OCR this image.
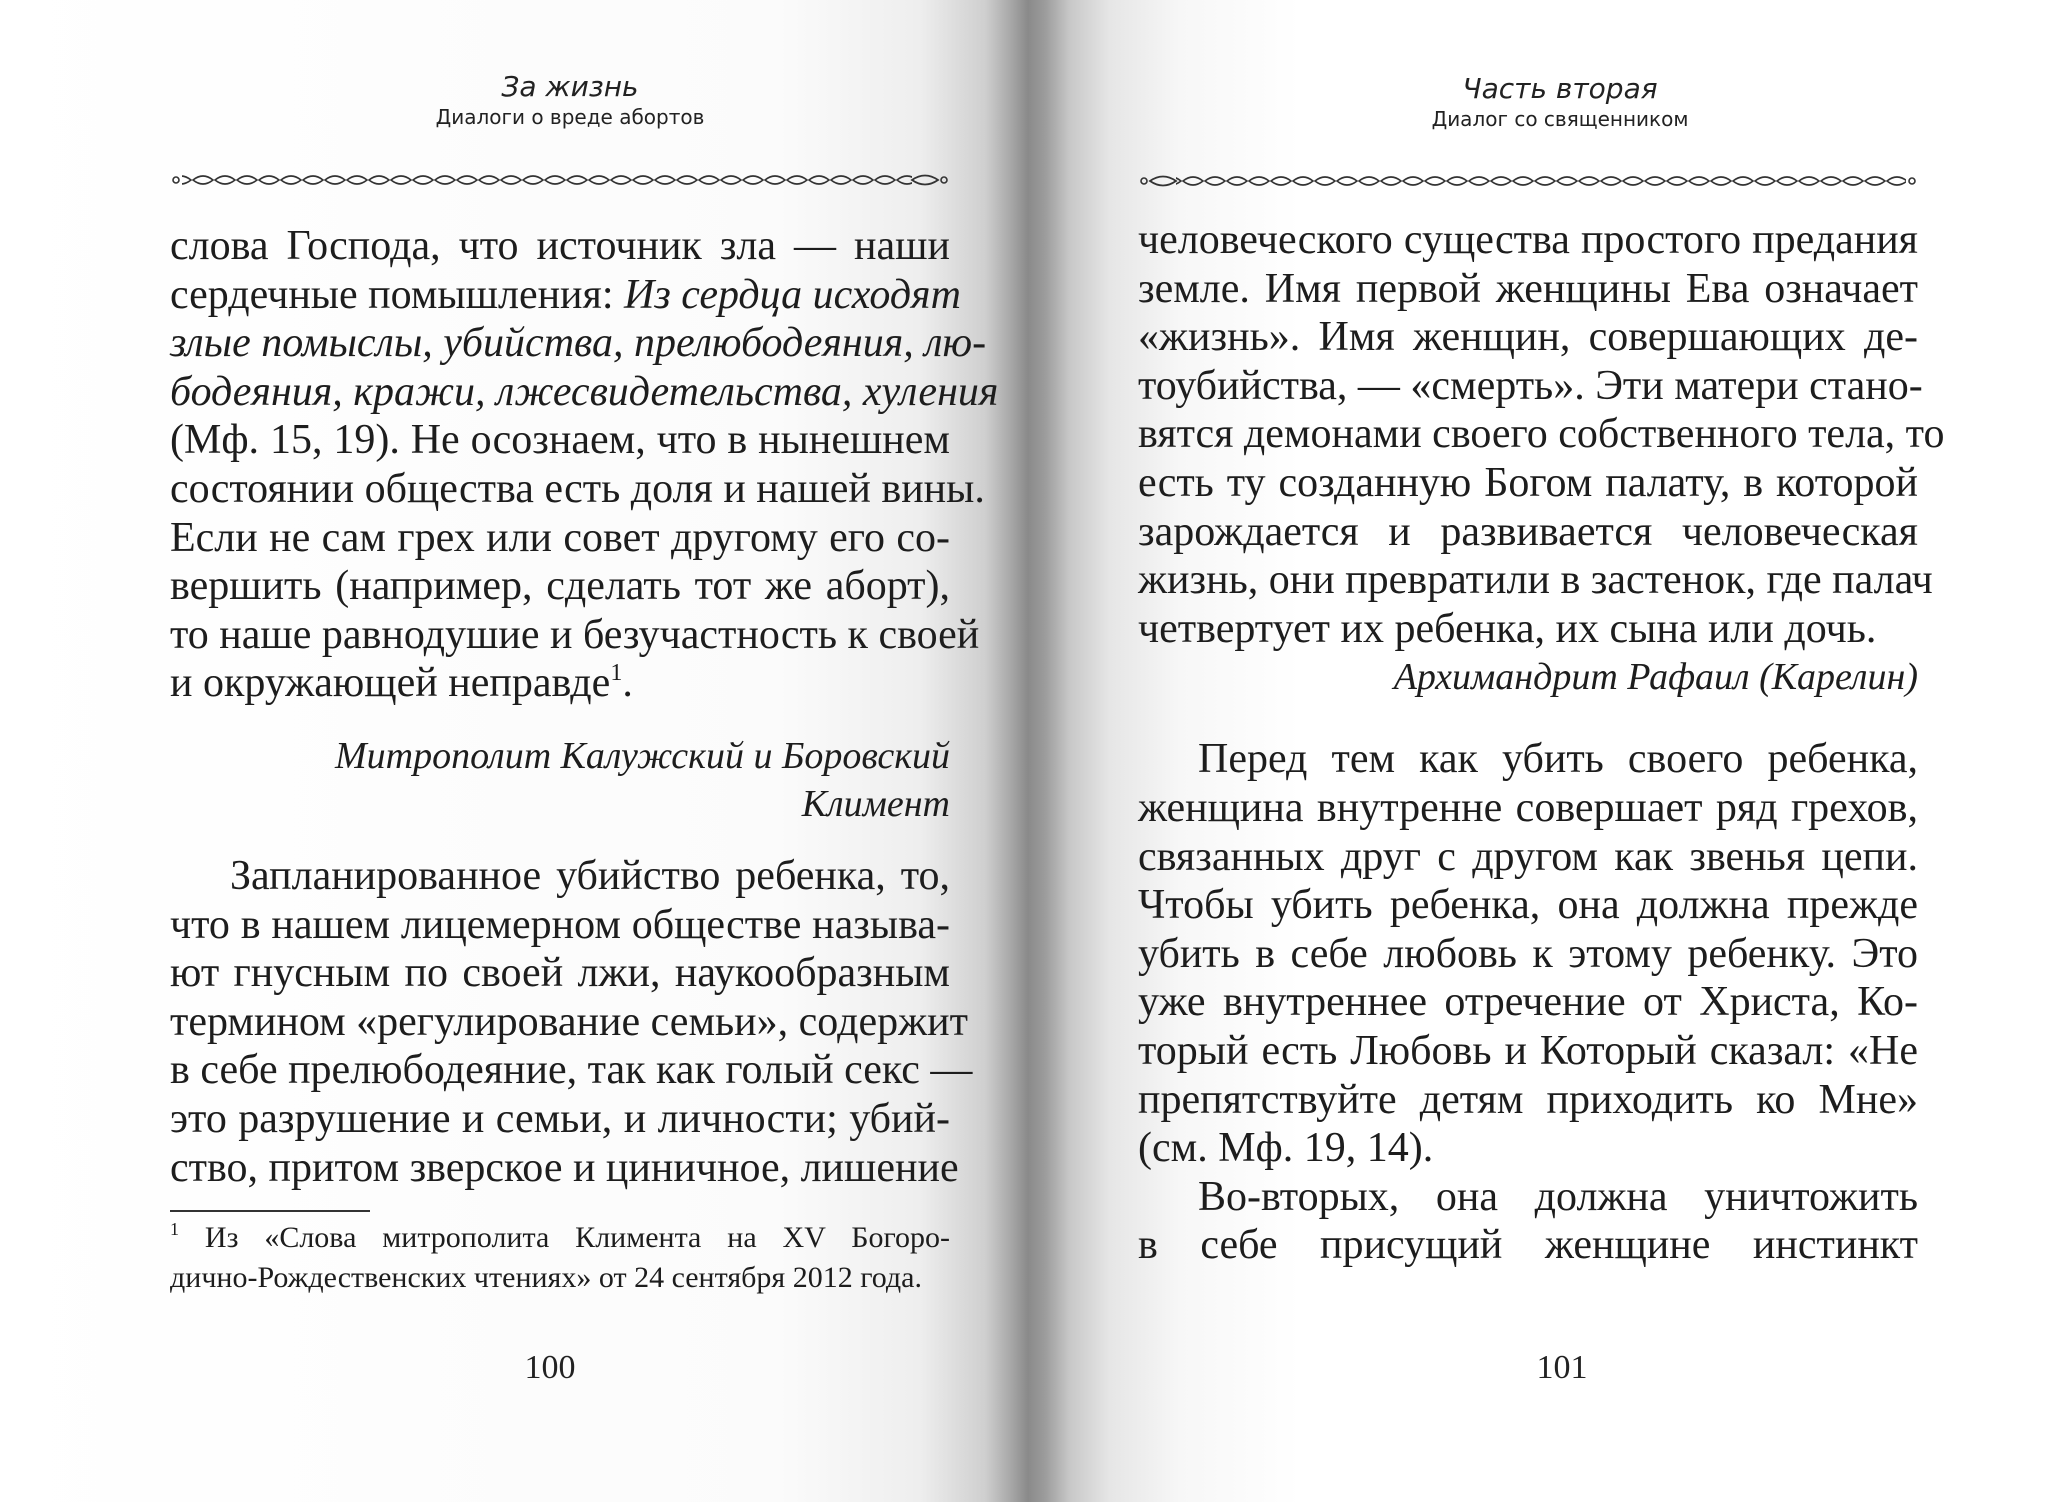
За жизнь
Диалоги о вреде абортов
слова Господа, что источник зла — наши
сердечные помышления: Из сердца исходят
злые помыслы, убийства, прелюбодеяния, лю-
бодеяния, кражи, лжесвидетельства, хуления
(Мф. 15, 19). Не осознаем, что в нынешнем
состоянии общества есть доля и нашей вины.
Если не сам грех или совет другому его со-
вершить (например, сделать тот же аборт),
то наше равнодушие и безучастность к своей
и окружающей неправде$^1$.
Митрополит Калужский и Боровский
Климент
Запланированное убийство ребенка, то,
что в нашем лицемерном обществе называ-
ют гнусным по своей лжи, наукообразным
термином «регулирование семьи», содержит
в себе прелюбодеяние, так как голый секс —
это разрушение и семьи, и личности; убий-
ство, притом зверское и циничное, лишение
$^1$ Из «Слова митрополита Климента на XV Богоро-
дично-Рождественских чтениях» от 24 сентября 2012 года.
100
Часть вторая
Диалог со священником
человеческого существа простого предания
земле. Имя первой женщины Ева означает
«жизнь». Имя женщин, совершающих де-
тоубийства, — «смерть». Эти матери стано-
вятся демонами своего собственного тела, то
есть ту созданную Богом палату, в которой
зарождается и развивается человеческая
жизнь, они превратили в застенок, где палач
четвертует их ребенка, их сына или дочь.
Архимандрит Рафаил (Карелин)
Перед тем как убить своего ребенка,
женщина внутренне совершает ряд грехов,
связанных друг с другом как звенья цепи.
Чтобы убить ребенка, она должна прежде
убить в себе любовь к этому ребенку. Это
уже внутреннее отречение от Христа, Ко-
торый есть Любовь и Который сказал: «Не
препятствуйте детям приходить ко Мне»
(см. Мф. 19, 14).
Во-вторых, она должна уничтожить
в себе присущий женщине инстинкт
101
